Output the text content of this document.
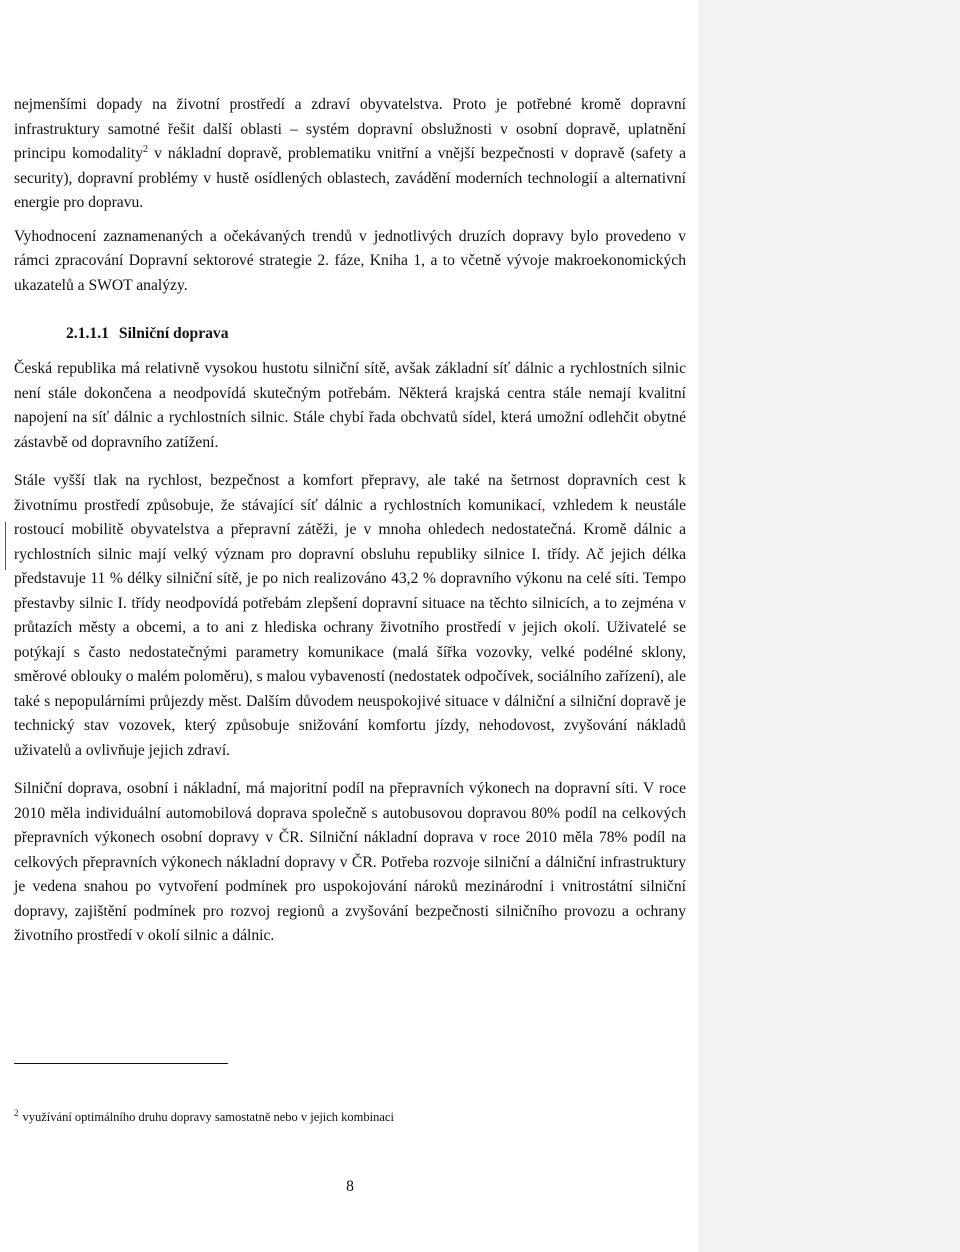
nejmenšími dopady na životní prostředí a zdraví obyvatelstva. Proto je potřebné kromě dopravní infrastruktury samotné řešit další oblasti – systém dopravní obslužnosti v osobní dopravě, uplatnění principu komodality$^2$ v nákladní dopravě, problematiku vnitřní a vnější bezpečnosti v dopravě (safety a security), dopravní problémy v hustě osídlených oblastech, zavádění moderních technologií a alternativní energie pro dopravu.

Vyhodnocení zaznamenaných a očekávaných trendů v jednotlivých druzích dopravy bylo provedeno v rámci zpracování Dopravní sektorové strategie 2. fáze, Kniha 1, a to včetně vývoje makroekonomických ukazatelů a SWOT analýzy.

2.1.1.1 Silniční doprava

Česká republika má relativně vysokou hustotu silniční sítě, avšak základní síť dálnic a rychlostních silnic není stále dokončena a neodpovídá skutečným potřebám. Některá krajská centra stále nemají kvalitní napojení na síť dálnic a rychlostních silnic. Stále chybí řada obchvatů sídel, která umožní odlehčit obytné zástavbě od dopravního zatížení.

Stále vyšší tlak na rychlost, bezpečnost a komfort přepravy, ale také na šetrnost dopravních cest k životnímu prostředí způsobuje, že stávající síť dálnic a rychlostních komunikací, vzhledem k neustále rostoucí mobilitě obyvatelstva a přepravní zátěži, je v mnoha ohledech nedostatečná. Kromě dálnic a rychlostních silnic mají velký význam pro dopravní obsluhu republiky silnice I. třídy. Ač jejich délka představuje 11 % délky silniční sítě, je po nich realizováno 43,2 % dopravního výkonu na celé síti. Tempo přestavby silnic I. třídy neodpovídá potřebám zlepšení dopravní situace na těchto silnicích, a to zejména v průtazích městy a obcemi, a to ani z hlediska ochrany životního prostředí v jejich okolí. Uživatelé se potýkají s často nedostatečnými parametry komunikace (malá šířka vozovky, velké podélné sklony, směrové oblouky o malém poloměru), s malou vybaveností (nedostatek odpočívek, sociálního zařízení), ale také s nepopulárními průjezdy měst. Dalším důvodem neuspokojivé situace v dálniční a silniční dopravě je technický stav vozovek, který způsobuje snižování komfortu jízdy, nehodovost, zvyšování nákladů uživatelů a ovlivňuje jejich zdraví.

Silniční doprava, osobní i nákladní, má majoritní podíl na přepravních výkonech na dopravní síti. V roce 2010 měla individuální automobilová doprava společně s autobusovou dopravou 80% podíl na celkových přepravních výkonech osobní dopravy v ČR. Silniční nákladní doprava v roce 2010 měla 78% podíl na celkových přepravních výkonech nákladní dopravy v ČR. Potřeba rozvoje silniční a dálniční infrastruktury je vedena snahou po vytvoření podmínek pro uspokojování nároků mezinárodní i vnitrostátní silniční dopravy, zajištění podmínek pro rozvoj regionů a zvyšování bezpečnosti silničního provozu a ochrany životního prostředí v okolí silnic a dálnic.

$^2$ využívání optimálního druhu dopravy samostatně nebo v jejich kombinaci
8
